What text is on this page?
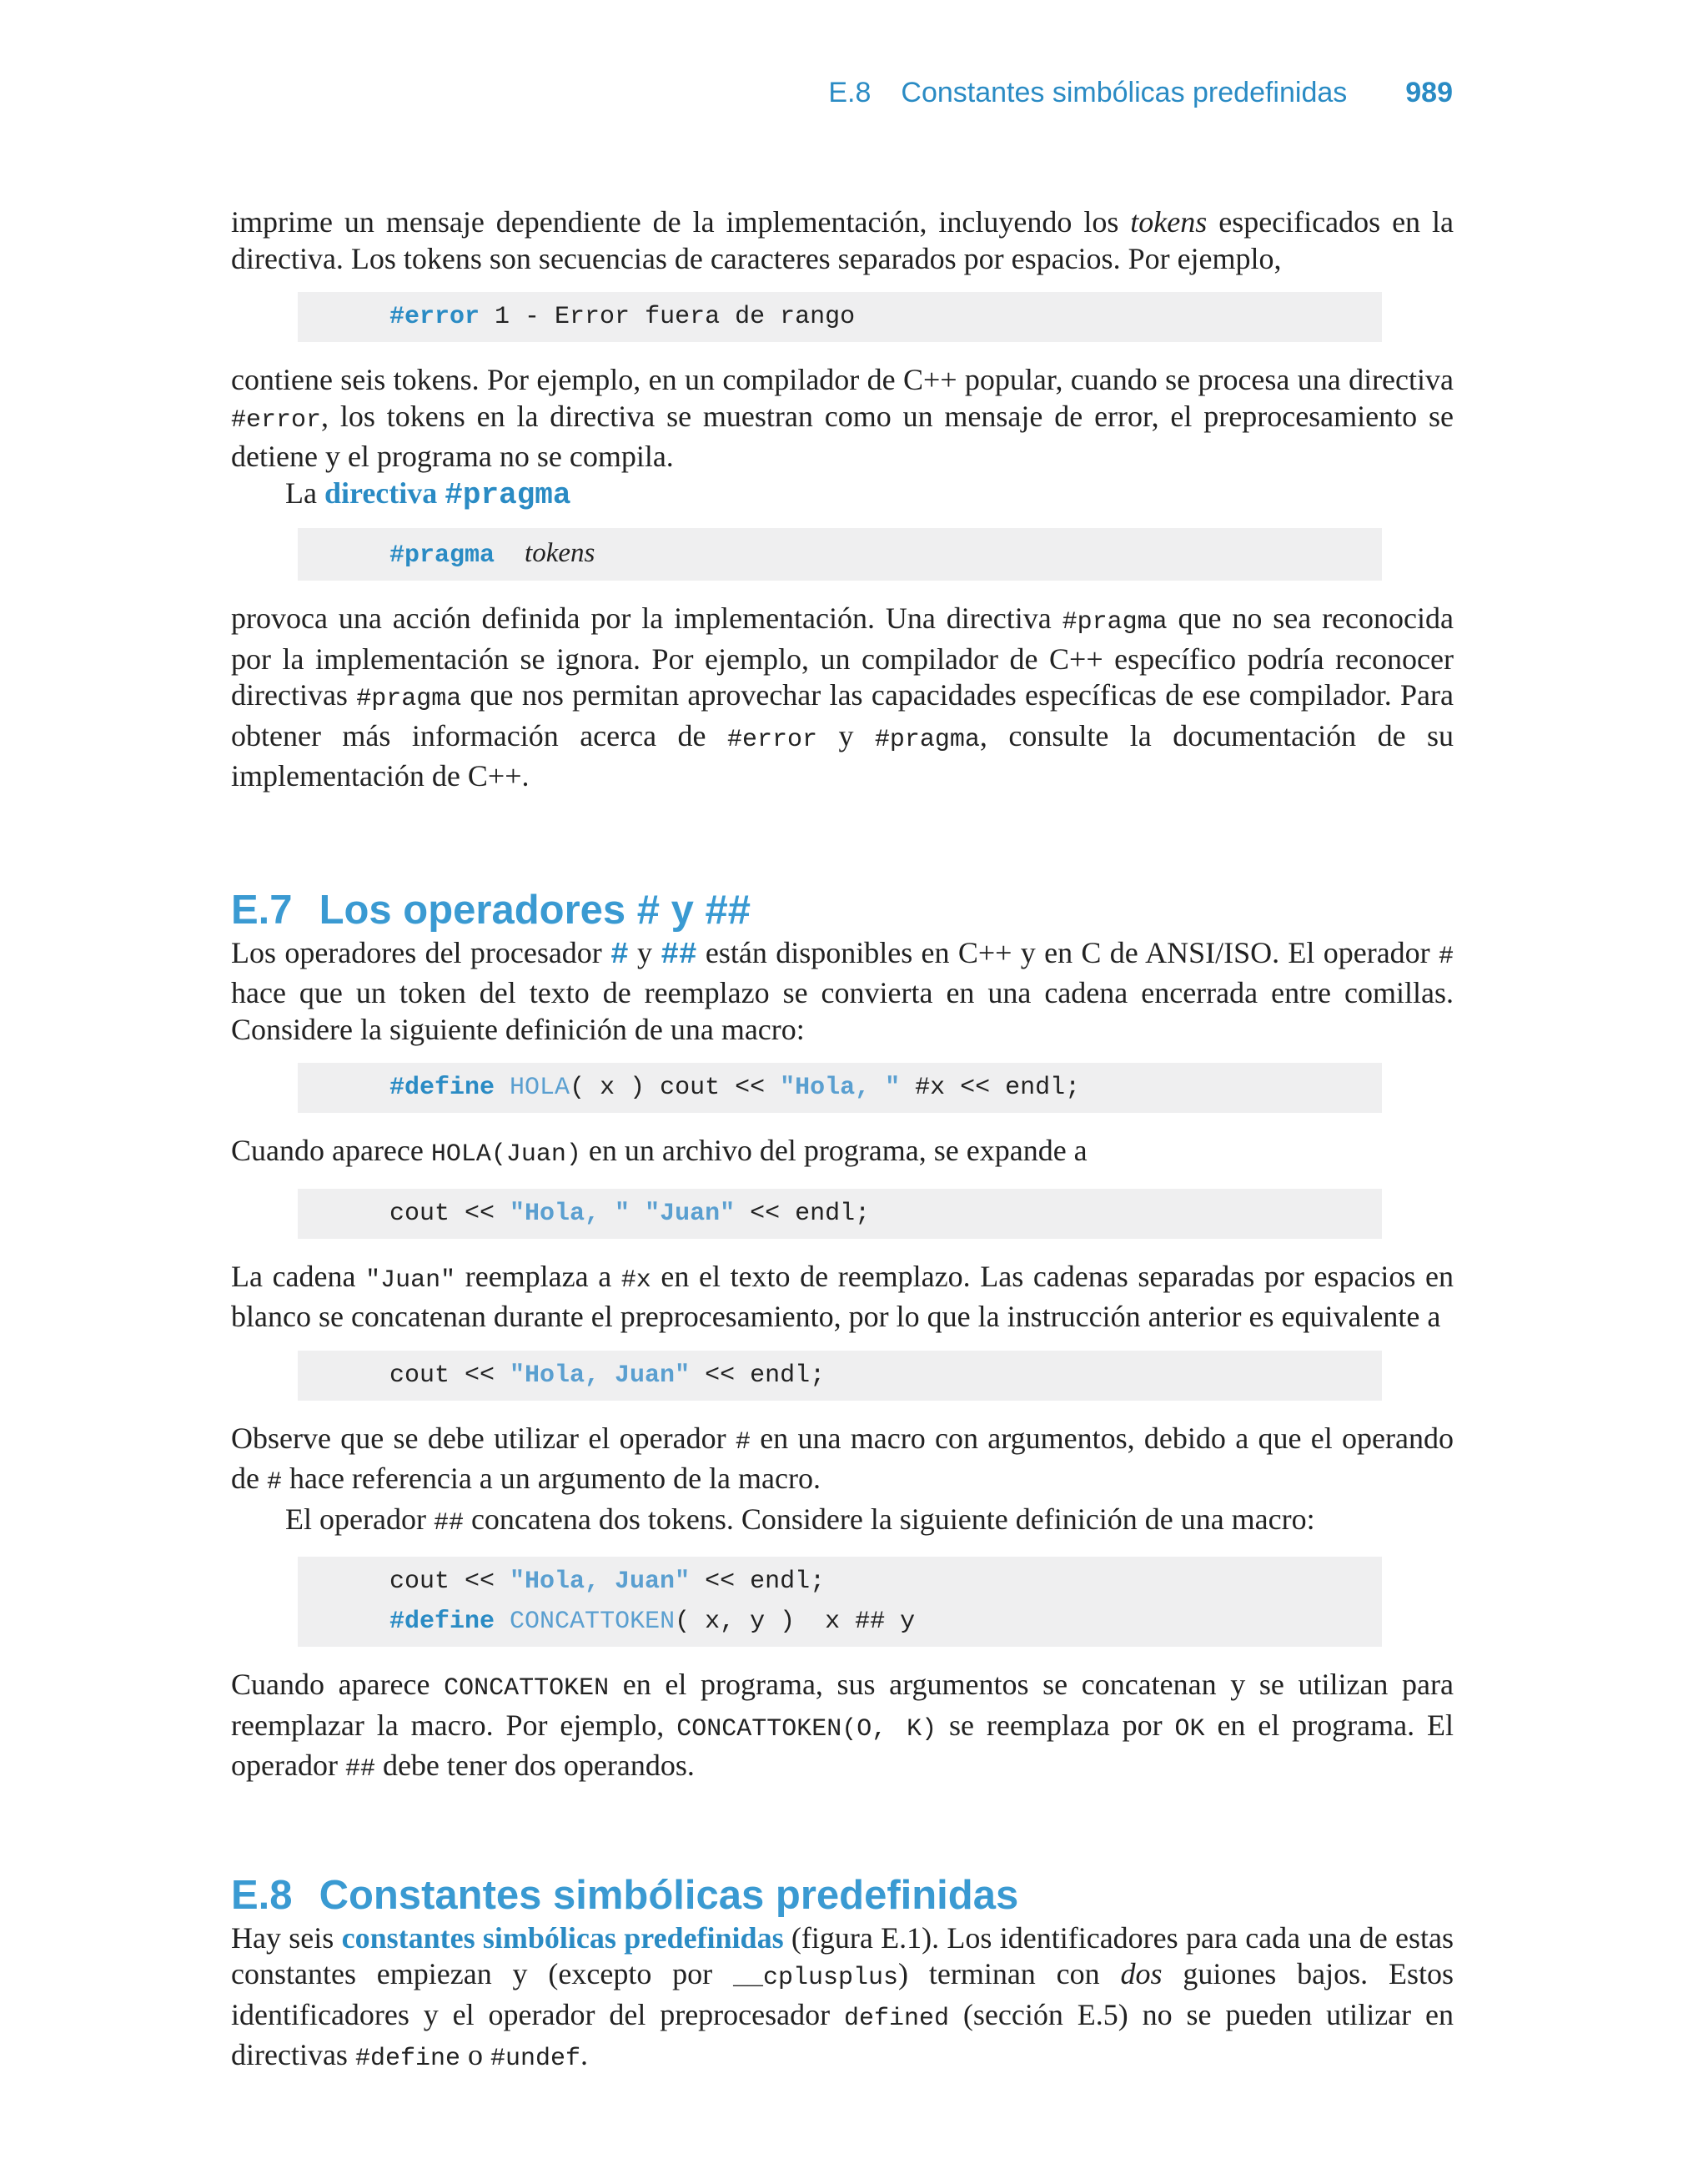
E.8 Constantes simbólicas predefinidas 989

imprime un mensaje dependiente de la implementación, incluyendo los tokens especificados en la directiva. Los tokens son secuencias de caracteres separados por espacios. Por ejemplo,

#error 1 - Error fuera de rango

contiene seis tokens. Por ejemplo, en un compilador de C++ popular, cuando se procesa una directiva #error, los tokens en la directiva se muestran como un mensaje de error, el preprocesamiento se detiene y el programa no se compila.

La directiva #pragma

#pragma tokens

provoca una acción definida por la implementación. Una directiva #pragma que no sea reconocida por la implementación se ignora. Por ejemplo, un compilador de C++ específico podría reconocer directivas #pragma que nos permitan aprovechar las capacidades específicas de ese compilador. Para obtener más información acerca de #error y #pragma, consulte la documentación de su implementación de C++.

E.7 Los operadores # y ##

Los operadores del procesador # y ## están disponibles en C++ y en C de ANSI/ISO. El operador # hace que un token del texto de reemplazo se convierta en una cadena encerrada entre comillas. Considere la siguiente definición de una macro:

#define HOLA( x ) cout << "Hola, " #x << endl;

Cuando aparece HOLA(Juan) en un archivo del programa, se expande a

cout << "Hola, " "Juan" << endl;

La cadena "Juan" reemplaza a #x en el texto de reemplazo. Las cadenas separadas por espacios en blanco se concatenan durante el preprocesamiento, por lo que la instrucción anterior es equivalente a

cout << "Hola, Juan" << endl;

Observe que se debe utilizar el operador # en una macro con argumentos, debido a que el operando de # hace referencia a un argumento de la macro.

El operador ## concatena dos tokens. Considere la siguiente definición de una macro:

cout << "Hola, Juan" << endl;
#define CONCATTOKEN( x, y )  x ## y

Cuando aparece CONCATTOKEN en el programa, sus argumentos se concatenan y se utilizan para reemplazar la macro. Por ejemplo, CONCATTOKEN(O, K) se reemplaza por OK en el programa. El operador ## debe tener dos operandos.

E.8 Constantes simbólicas predefinidas

Hay seis constantes simbólicas predefinidas (figura E.1). Los identificadores para cada una de estas constantes empiezan y (excepto por __cplusplus) terminan con dos guiones bajos. Estos identificadores y el operador del preprocesador defined (sección E.5) no se pueden utilizar en directivas #define o #undef.
